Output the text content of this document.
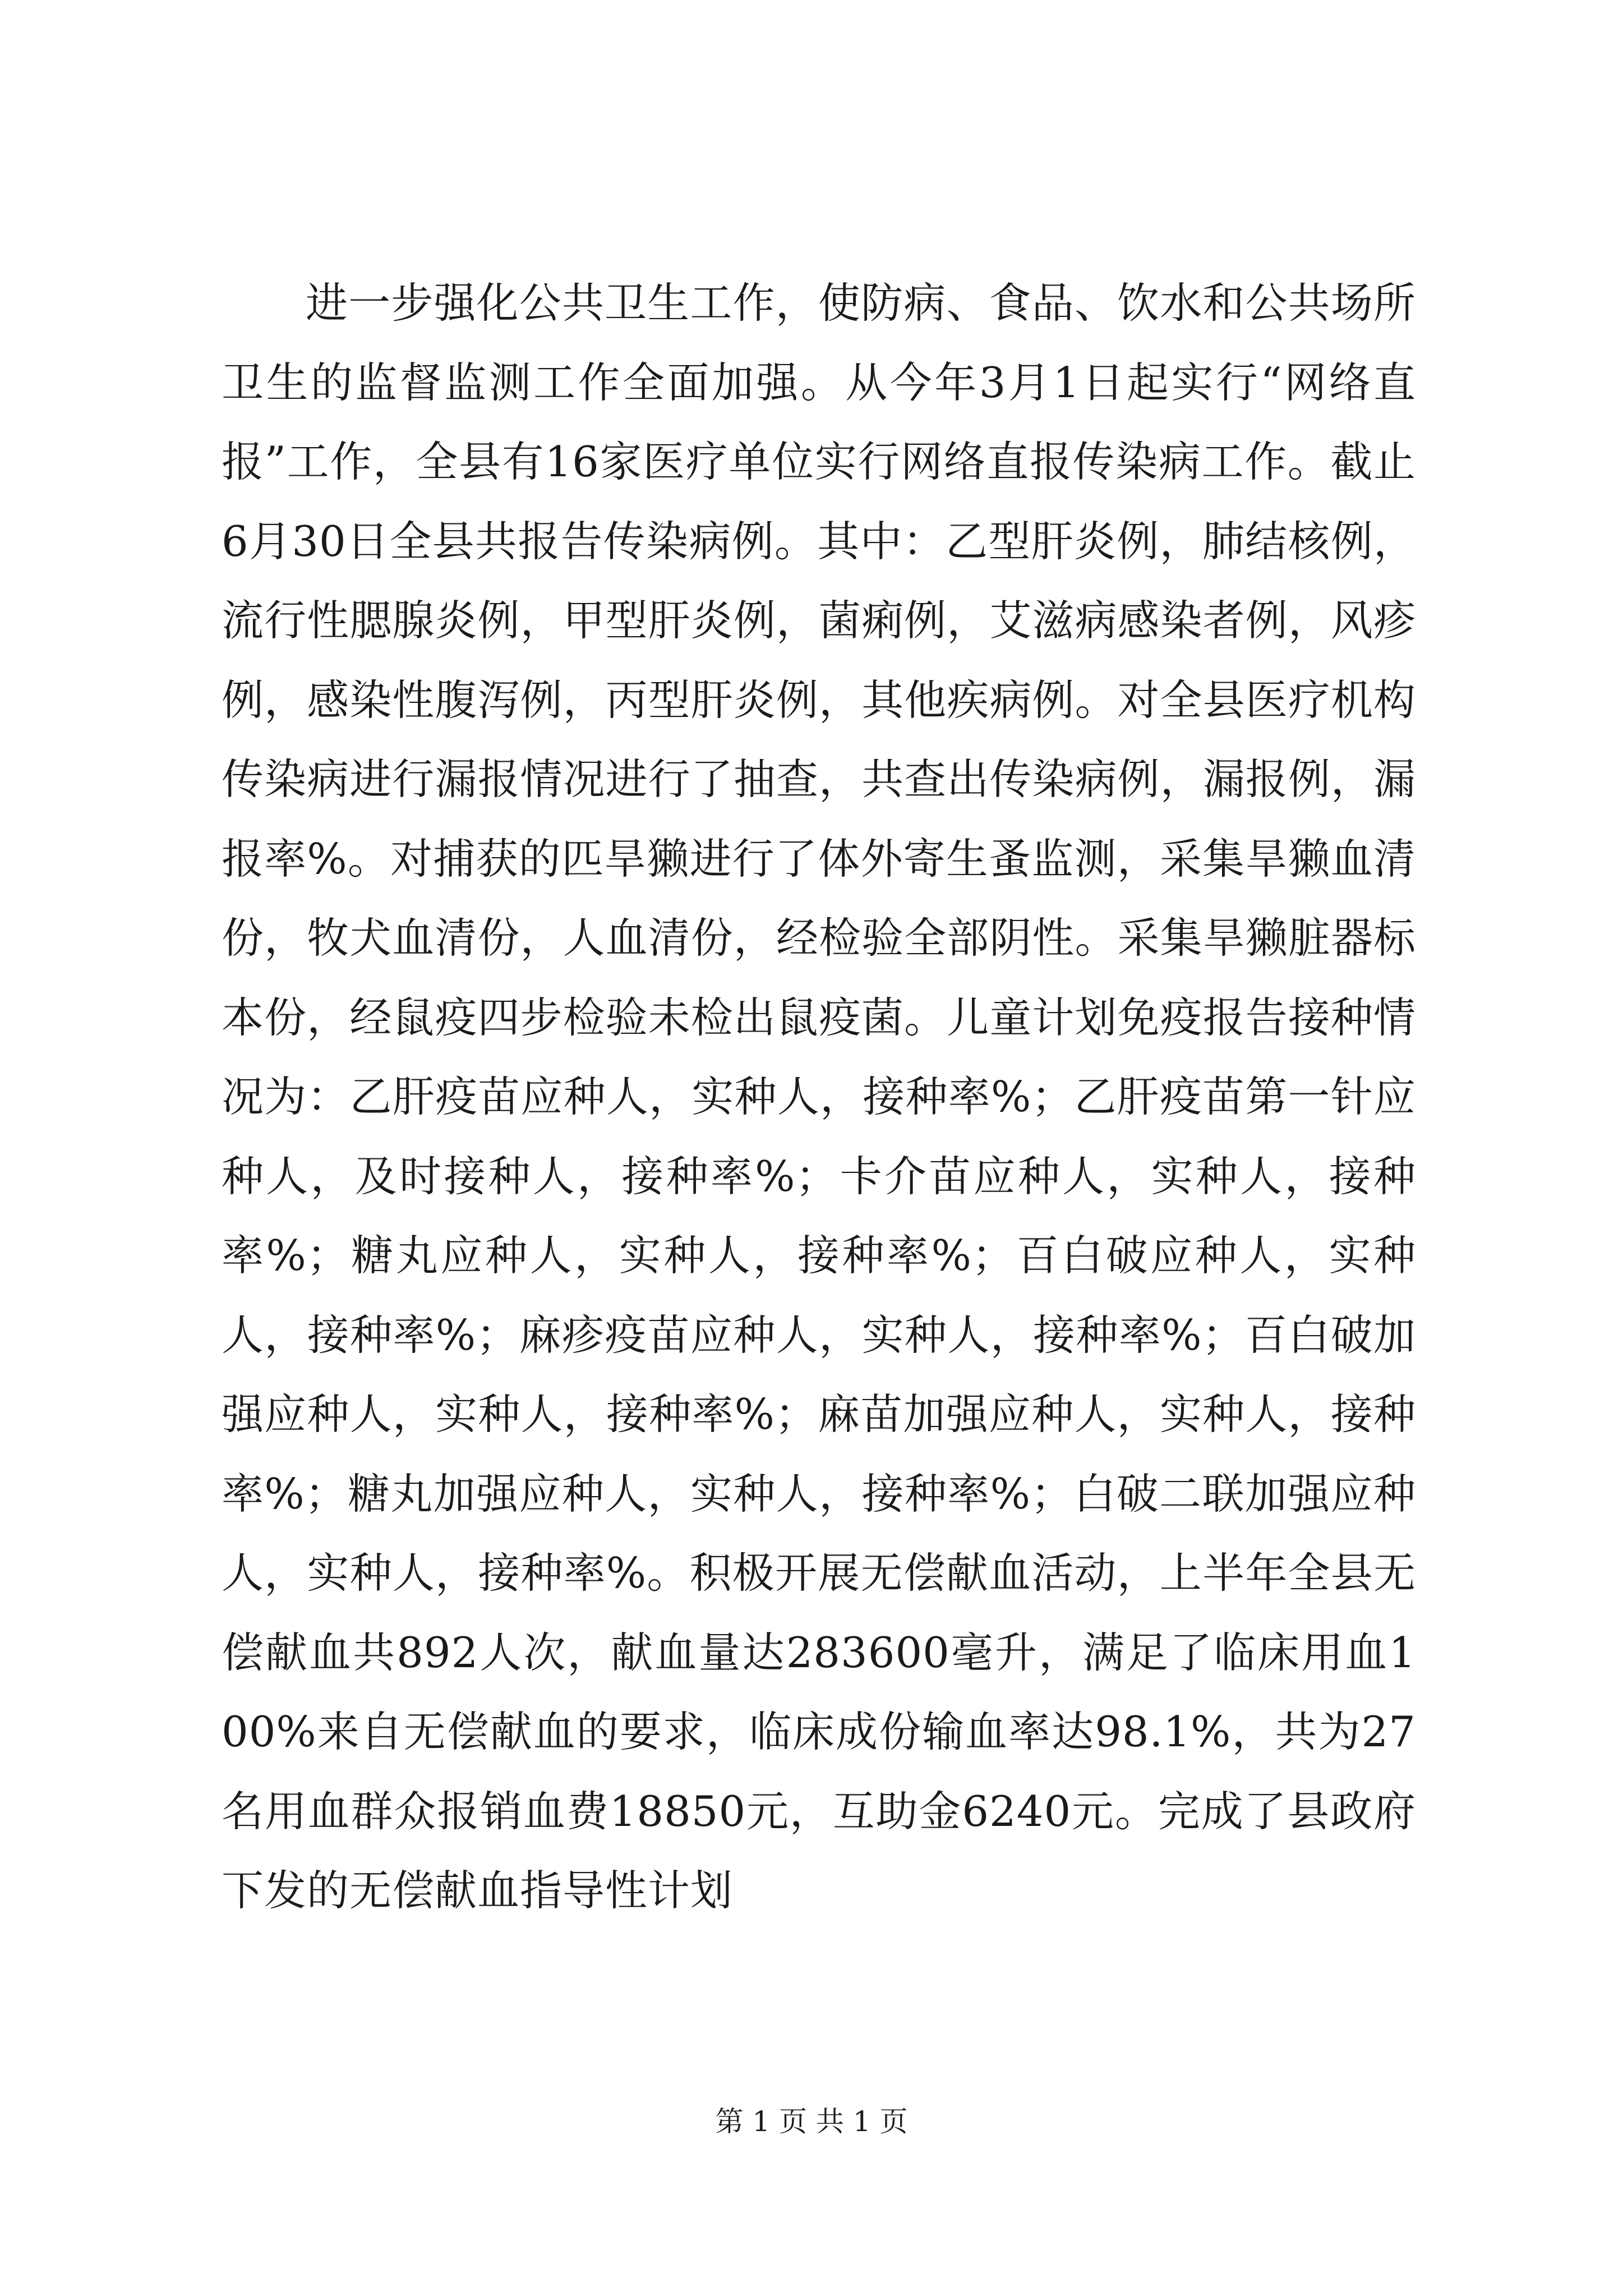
进一步强化公共卫生工作，使防病、食品、饮水和公共场所卫生的监督监测工作全面加强。从今年3月1日起实行“网络直报”工作，全县有16家医疗单位实行网络直报传染病工作。截止6月30日全县共报告传染病例。其中：乙型肝炎例，肺结核例，流行性腮腺炎例，甲型肝炎例，菌痢例，艾滋病感染者例，风疹例，感染性腹泻例，丙型肝炎例，其他疾病例。对全县医疗机构传染病进行漏报情况进行了抽查，共查出传染病例，漏报例，漏报率%。对捕获的匹旱獭进行了体外寄生蚤监测，采集旱獭血清份，牧犬血清份，人血清份，经检验全部阴性。采集旱獭脏器标本份，经鼠疫四步检验未检出鼠疫菌。儿童计划免疫报告接种情况为：乙肝疫苗应种人，实种人，接种率%；乙肝疫苗第一针应种人，及时接种人，接种率%；卡介苗应种人，实种人，接种率%；糖丸应种人，实种人，接种率%；百白破应种人，实种人，接种率%；麻疹疫苗应种人，实种人，接种率%；百白破加强应种人，实种人，接种率%；麻苗加强应种人，实种人，接种率%；糖丸加强应种人，实种人，接种率%；白破二联加强应种人，实种人，接种率%。积极开展无偿献血活动，上半年全县无偿献血共892人次，献血量达283600毫升，满足了临床用血100%来自无偿献血的要求，临床成份输血率达98.1%，共为27名用血群众报销血费18850元，互助金6240元。完成了县政府下发的无偿献血指导性计划

第 1 页 共 1 页
